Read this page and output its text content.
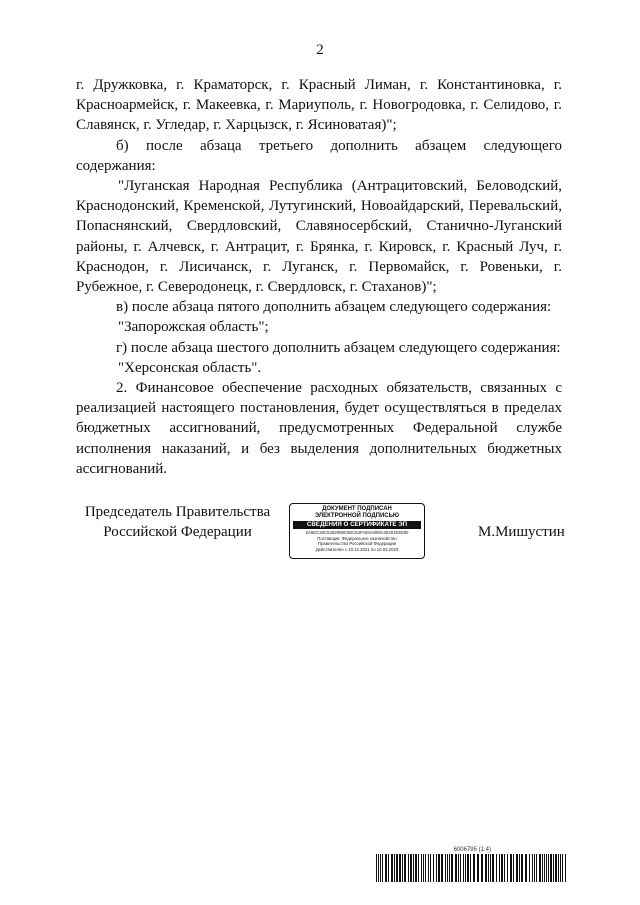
2

г. Дружковка, г. Краматорск, г. Красный Лиман, г. Константиновка, г. Красноармейск, г. Макеевка, г. Мариуполь, г. Новогродовка, г. Селидово, г. Славянск, г. Угледар, г. Харцызск, г. Ясиноватая)";

б) после абзаца третьего дополнить абзацем следующего содержания:

"Луганская Народная Республика (Антрацитовский, Беловодский, Краснодонский, Кременской, Лутугинский, Новоайдарский, Перевальский, Попаснянский, Свердловский, Славяносербский, Станично-Луганский районы, г. Алчевск, г. Антрацит, г. Брянка, г. Кировск, г. Красный Луч, г. Краснодон, г. Лисичанск, г. Луганск, г. Первомайск, г. Ровеньки, г. Рубежное, г. Северодонецк, г. Свердловск, г. Стаханов)";

в) после абзаца пятого дополнить абзацем следующего содержания:

"Запорожская область";

г) после абзаца шестого дополнить абзацем следующего содержания:

"Херсонская область".

2. Финансовое обеспечение расходных обязательств, связанных с реализацией настоящего постановления, будет осуществляться в пределах бюджетных ассигнований, предусмотренных Федеральной службе исполнения наказаний, и без выделения дополнительных бюджетных ассигнований.

Председатель Правительства
Российской Федерации
ДОКУМЕНТ ПОДПИСАН
ЭЛЕКТРОННОЙ ПОДПИСЬЮ
СВЕДЕНИЯ О СЕРТИФИКАТЕ ЭП
2A6EC28C5452958C6EC62FAE5A808A35291EE680
Поставщик: Федеральное казначейство
Правительство Российской Федерации
Действителен с 10.12.2021 по 10.03.2023
М.Мишустин
6006795 (1.4)
